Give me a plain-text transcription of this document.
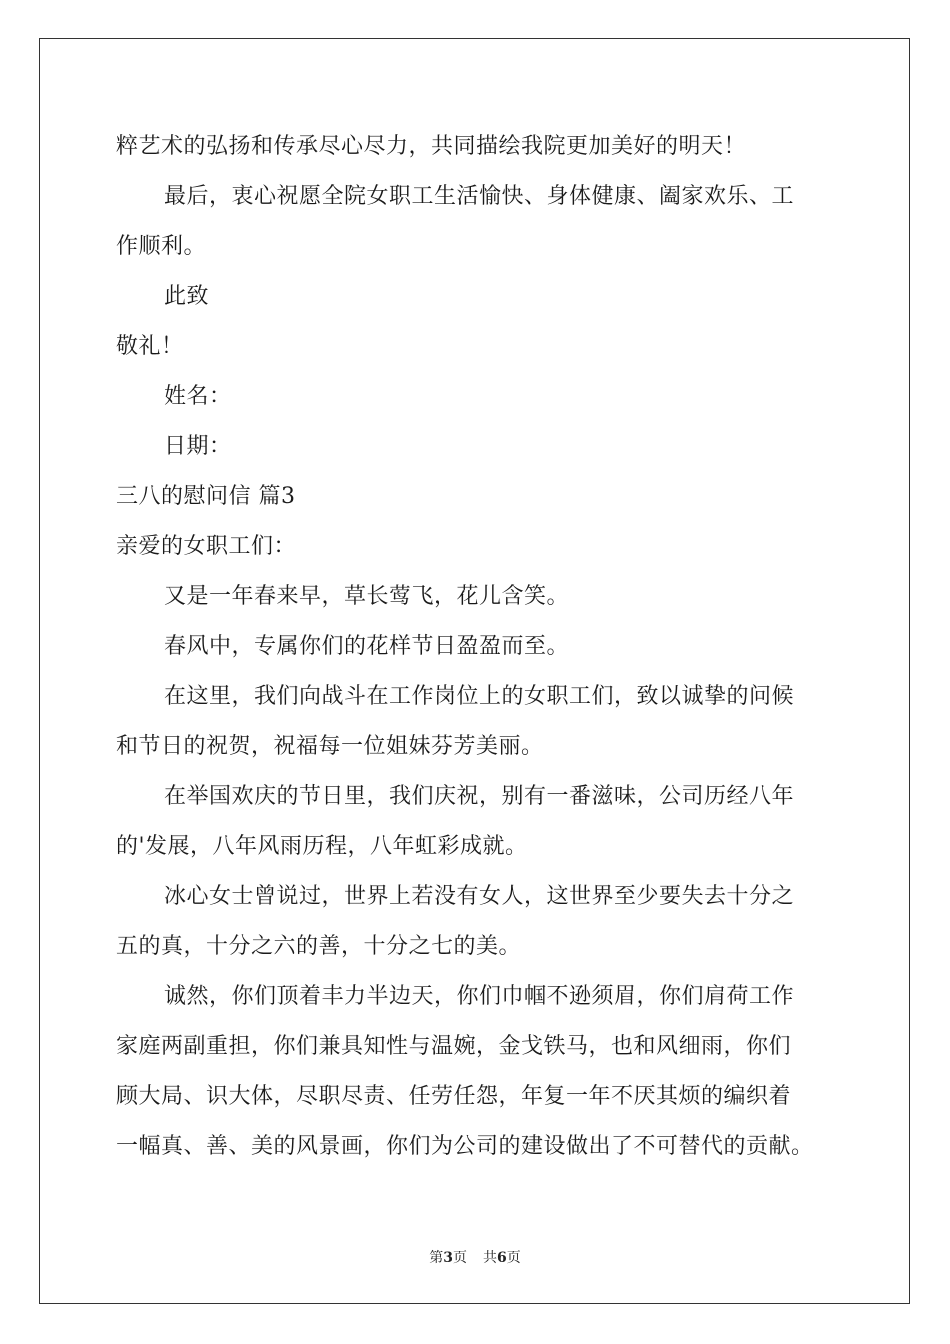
粹艺术的弘扬和传承尽心尽力，共同描绘我院更加美好的明天！
最后，衷心祝愿全院女职工生活愉快、身体健康、阖家欢乐、工
作顺利。
此致
敬礼！
姓名：
日期：
三八的慰问信 篇3
亲爱的女职工们：
又是一年春来早，草长莺飞，花儿含笑。
春风中，专属你们的花样节日盈盈而至。
在这里，我们向战斗在工作岗位上的女职工们，致以诚挚的问候
和节日的祝贺，祝福每一位姐妹芬芳美丽。
在举国欢庆的节日里，我们庆祝，别有一番滋味，公司历经八年
的'发展，八年风雨历程，八年虹彩成就。
冰心女士曾说过，世界上若没有女人，这世界至少要失去十分之
五的真，十分之六的善，十分之七的美。
诚然，你们顶着丰力半边天，你们巾帼不逊须眉，你们肩荷工作
家庭两副重担，你们兼具知性与温婉，金戈铁马，也和风细雨，你们
顾大局、识大体，尽职尽责、任劳任怨，年复一年不厌其烦的编织着
一幅真、善、美的风景画，你们为公司的建设做出了不可替代的贡献。
第3页 共6页
